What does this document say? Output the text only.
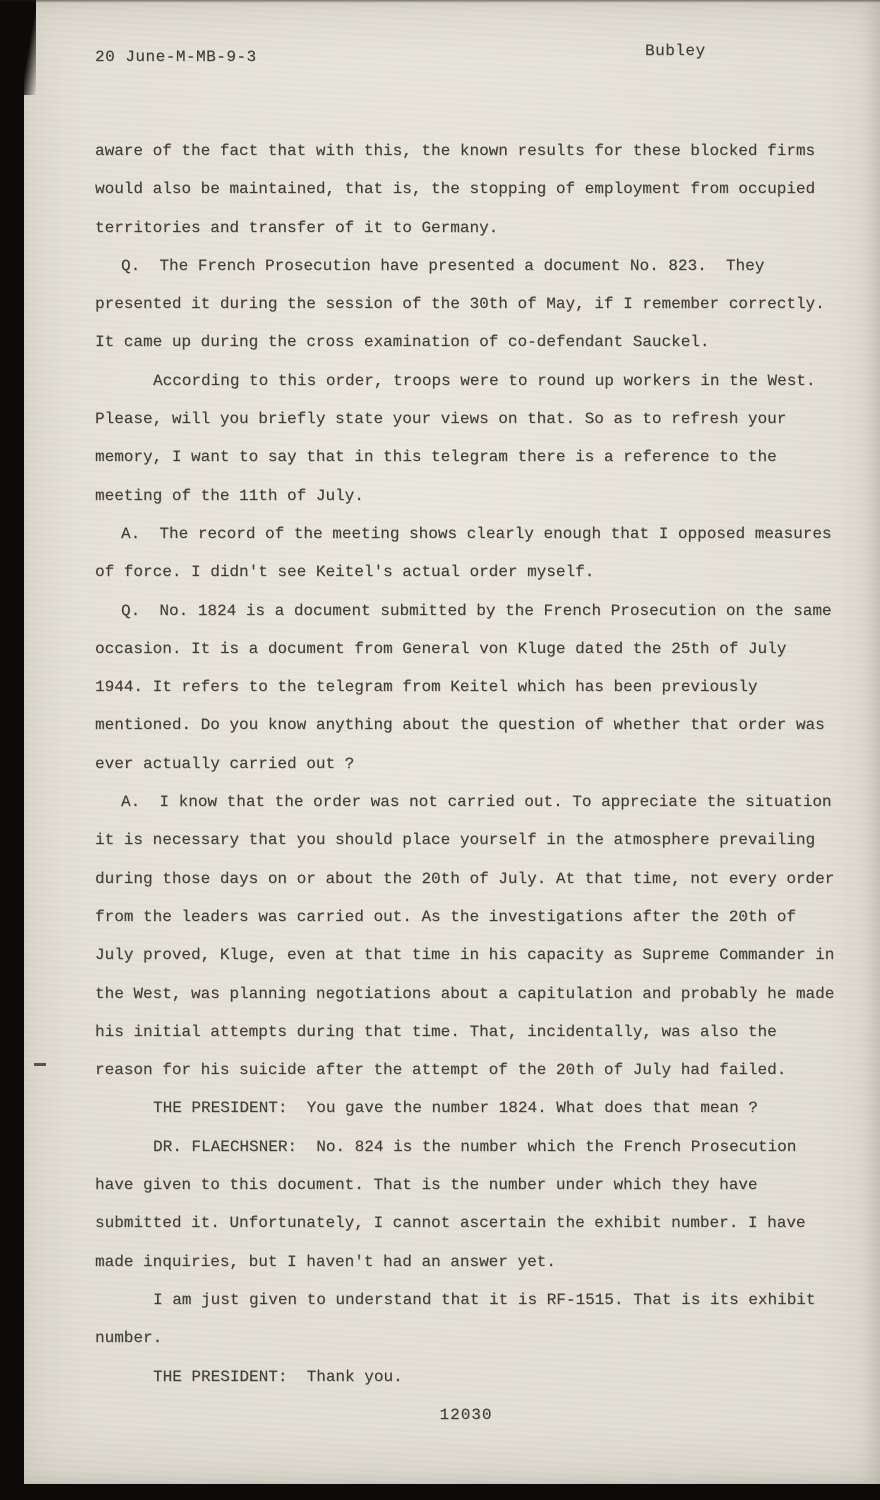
20 June-M-MB-9-3	Bubley

aware of the fact that with this, the known results for these blocked firms would also be maintained, that is, the stopping of employment from occupied territories and transfer of it to Germany.

Q.  The French Prosecution have presented a document No. 823.  They presented it during the session of the 30th of May, if I remember correctly. It came up during the cross examination of co-defendant Sauckel.

According to this order, troops were to round up workers in the West. Please, will you briefly state your views on that. So as to refresh your memory, I want to say that in this telegram there is a reference to the meeting of the 11th of July.

A.  The record of the meeting shows clearly enough that I opposed measures of force. I didn't see Keitel's actual order myself.

Q.  No. 1824 is a document submitted by the French Prosecution on the same occasion. It is a document from General von Kluge dated the 25th of July 1944. It refers to the telegram from Keitel which has been previously mentioned. Do you know anything about the question of whether that order was ever actually carried out ?

A.  I know that the order was not carried out. To appreciate the situation it is necessary that you should place yourself in the atmosphere prevailing during those days on or about the 20th of July. At that time, not every order from the leaders was carried out. As the investigations after the 20th of July proved, Kluge, even at that time in his capacity as Supreme Commander in the West, was planning negotiations about a capitulation and probably he made his initial attempts during that time. That, incidentally, was also the reason for his suicide after the attempt of the 20th of July had failed.

THE PRESIDENT:  You gave the number 1824. What does that mean ?

DR. FLAECHSNER:  No. 824 is the number which the French Prosecution have given to this document. That is the number under which they have submitted it. Unfortunately, I cannot ascertain the exhibit number. I have made inquiries, but I haven't had an answer yet.

I am just given to understand that it is RF-1515. That is its exhibit number.

THE PRESIDENT:  Thank you.

12030
